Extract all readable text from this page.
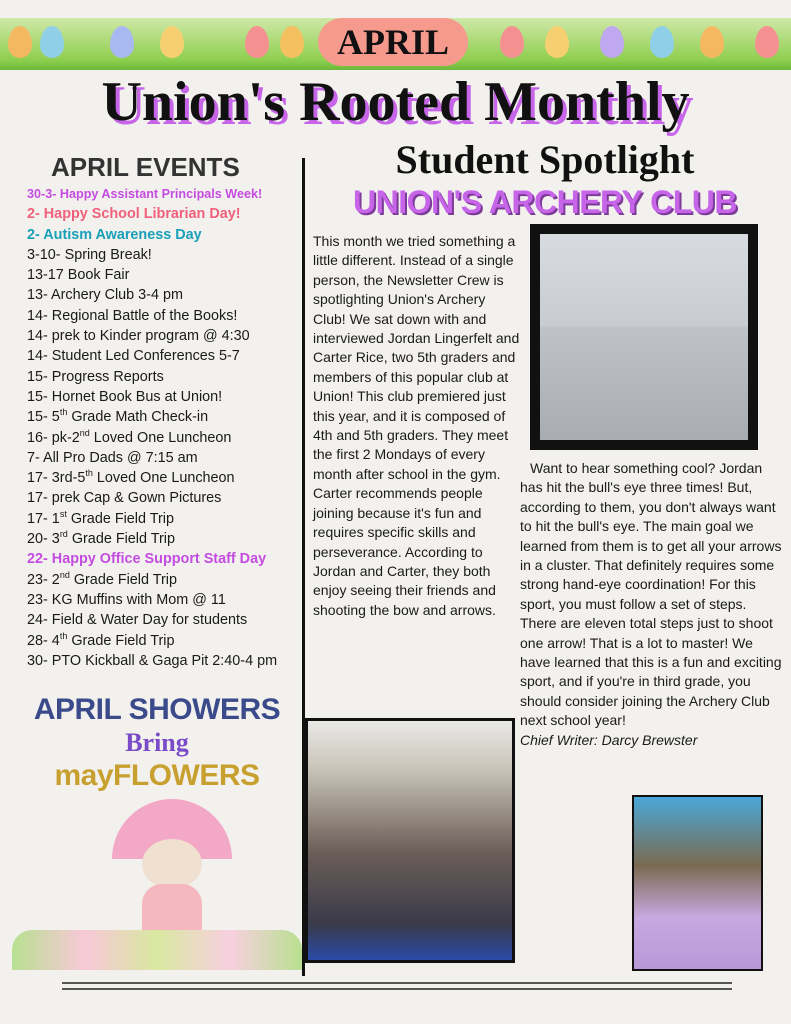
APRIL
Union's Rooted Monthly
Student Spotlight
UNION'S ARCHERY CLUB
APRIL EVENTS
30-3- Happy Assistant Principals Week!
2- Happy School Librarian Day!
2- Autism Awareness Day
3-10- Spring Break!
13-17 Book Fair
13- Archery Club 3-4 pm
14- Regional Battle of the Books!
14- prek to Kinder program @ 4:30
14- Student Led Conferences 5-7
15- Progress Reports
15- Hornet Book Bus at Union!
15- 5th Grade Math Check-in
16- pk-2nd Loved One Luncheon
7- All Pro Dads @ 7:15 am
17- 3rd-5th Loved One Luncheon
17- prek Cap & Gown Pictures
17- 1st Grade Field Trip
20- 3rd Grade Field Trip
22- Happy Office Support Staff Day
23- 2nd Grade Field Trip
23- KG Muffins with Mom @ 11
24- Field & Water Day for students
28- 4th Grade Field Trip
30- PTO Kickball & Gaga Pit 2:40-4 pm
This month we tried something a little different. Instead of a single person, the Newsletter Crew is spotlighting Union's Archery Club! We sat down with and interviewed Jordan Lingerfelt and Carter Rice, two 5th graders and members of this popular club at Union! This club premiered just this year, and it is composed of 4th and 5th graders. They meet the first 2 Mondays of every month after school in the gym. Carter recommends people joining because it's fun and requires specific skills and perseverance. According to Jordan and Carter, they both enjoy seeing their friends and shooting the bow and arrows.
Want to hear something cool? Jordan has hit the bull's eye three times! But, according to them, you don't always want to hit the bull's eye. The main goal we learned from them is to get all your arrows in a cluster. That definitely requires some strong hand-eye coordination! For this sport, you must follow a set of steps. There are eleven total steps just to shoot one arrow! That is a lot to master! We have learned that this is a fun and exciting sport, and if you're in third grade, you should consider joining the Archery Club next school year!
Chief Writer: Darcy Brewster
APRIL SHOWERS
Bring
mayFLOWERS
